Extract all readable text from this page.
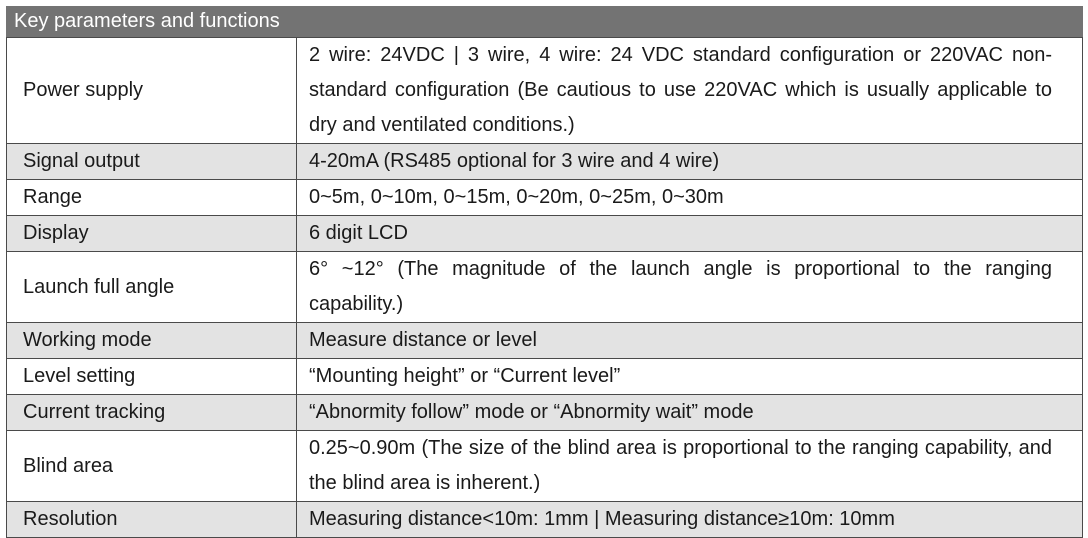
Key parameters and functions
Power supply	2 wire: 24VDC | 3 wire, 4 wire: 24 VDC standard configuration or 220VAC non-standard configuration (Be cautious to use 220VAC which is usually applicable to dry and ventilated conditions.)
Signal output	4-20mA (RS485 optional for 3 wire and 4 wire)
Range	0~5m, 0~10m, 0~15m, 0~20m, 0~25m, 0~30m
Display	6 digit LCD
Launch full angle	6° ~12° (The magnitude of the launch angle is proportional to the ranging capability.)
Working mode	Measure distance or level
Level setting	“Mounting height” or “Current level”
Current tracking	“Abnormity follow” mode or “Abnormity wait” mode
Blind area	0.25~0.90m (The size of the blind area is proportional to the ranging capability, and the blind area is inherent.)
Resolution	Measuring distance<10m: 1mm | Measuring distance≥10m: 10mm
